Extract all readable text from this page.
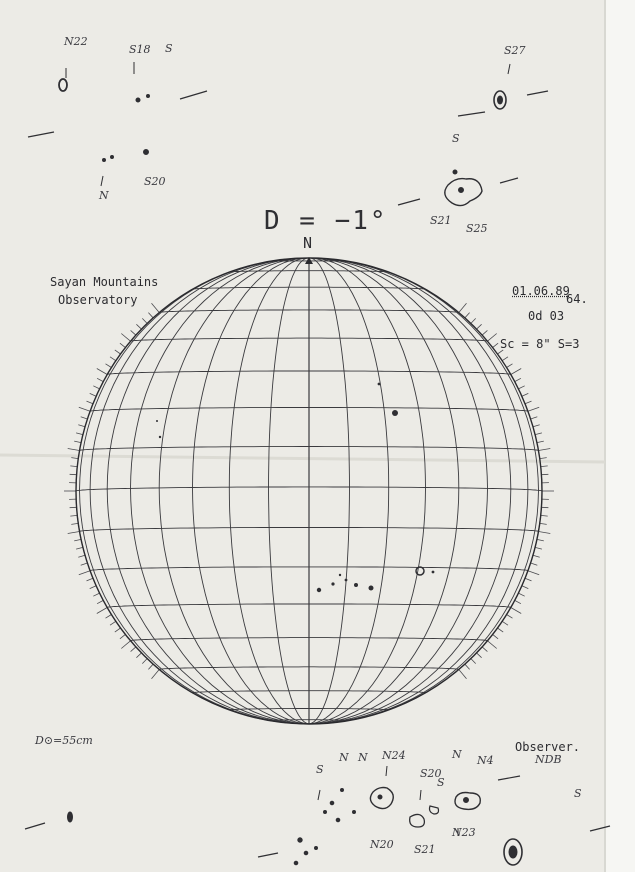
D = −1°
N
Sayan Mountains
Observatory
01.06.89
64.
0d 03
Sc = 8" S=3
D⊙=55cm	Observer.
NDB
N22
S18 S
S20
N
S27
S
S21
S25
S
N N N24
S20
S
N N4
N20
N23
S21
S
